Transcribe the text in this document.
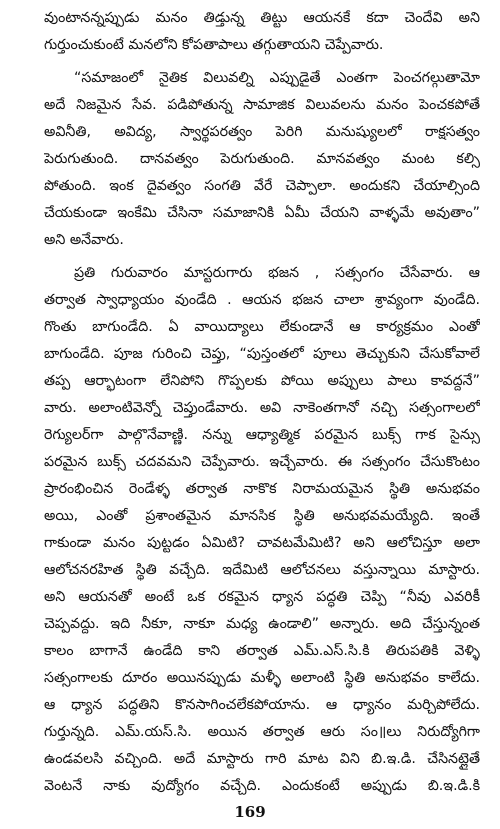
వుంటానన్నప్పుడు మనం తిడ్తున్న తిట్టు ఆయనకే కదా చెందేవి అని
గుర్తుంచుకుంటే మనలోని కోపతాపాలు తగ్గుతాయని చెప్పేవారు.
“సమాజంలో నైతిక విలువల్ని ఎప్పుడైతే ఎంతగా పెంచగల్గుతామో
అదే నిజమైన సేవ. పడిపోతున్న సామాజిక విలువలను మనం పెంచకపోతే
అవినీతి, అవిద్య, స్వార్థపరత్వం పెరిగి మనుష్యులలో రాక్షసత్వం
పెరుగుతుంది. దానవత్వం పెరుగుతుంది. మానవత్వం మంట కల్సి
పోతుంది. ఇంక దైవత్వం సంగతి వేరే చెప్పాలా. అందుకని చేయాల్సింది
చేయకుండా ఇంకేమి చేసినా సమాజానికి ఏమీ చేయని వాళ్ళమే అవుతాం”
అని అనేవారు.
ప్రతి గురువారం మాస్టరుగారు భజన , సత్సంగం చేసేవారు. ఆ
తర్వాత స్వాధ్యాయం వుండేది . ఆయన భజన చాలా శ్రావ్యంగా వుండేది.
గొంతు బాగుండేది. ఏ వాయిద్యాలు లేకుండానే ఆ కార్యక్రమం ఎంతో
బాగుండేది. పూజ గురించి చెప్తు, “పుస్తంతలో పూలు తెచ్చుకుని చేసుకోవాలే
తప్ప ఆర్భాటంగా లేనిపోని గొప్పలకు పోయి అప్పులు పాలు కావద్దనే”
వారు. అలాంటివెన్నో చెప్తుండేవారు. అవి నాకెంతగానో నచ్చి సత్సంగాలలో
రెగ్యులర్‌గా పాల్గొనేవాణ్ణి. నన్ను ఆధ్యాత్మిక పరమైన బుక్స్ గాక సైన్సు
పరమైన బుక్స్ చదవమని చెప్పేవారు. ఇచ్చేవారు. ఈ సత్సంగం చేసుకొంటం
ప్రారంభించిన రెండేళ్ళ తర్వాత నాకొక నిరామయమైన స్థితి అనుభవం
అయి, ఎంతో ప్రశాంతమైన మానసిక స్థితి అనుభవమయ్యేది. ఇంతే
గాకుండా మనం పుట్టడం ఏమిటి? చావటమేమిటి? అని ఆలోచిస్తూ అలా
ఆలోచనరహిత స్థితి వచ్చేది. ఇదేమిటి ఆలోచనలు వస్తున్నాయి మాస్టారు.
అని ఆయనతో అంటే ఒక రకమైన ధ్యాన పద్ధతి చెప్పి “నీవు ఎవరికీ
చెప్పవద్దు. ఇది నీకూ, నాకూ మధ్య ఉండాలి” అన్నారు. అది చేస్తున్నంత
కాలం బాగానే ఉండేది కాని తర్వాత ఎమ్.ఎస్.సి.కి తిరుపతికి వెళ్ళి
సత్సంగాలకు దూరం అయినప్పుడు మళ్ళీ అలాంటి స్థితి అనుభవం కాలేదు.
ఆ ధ్యాన పద్ధతిని కొనసాగించలేకపోయాను. ఆ ధ్యానం మర్చిపోలేదు.
గుర్తున్నది. ఎమ్.యస్.సి. అయిన తర్వాత ఆరు సం॥లు నిరుద్యోగిగా
ఉండవలసి వచ్చింది. అదే మాస్టారు గారి మాట విని బి.ఇ.డి. చేసినట్లైతే
వెంటనే నాకు వుద్యోగం వచ్చేది. ఎందుకంటే అప్పుడు బి.ఇ.డి.కి
169
